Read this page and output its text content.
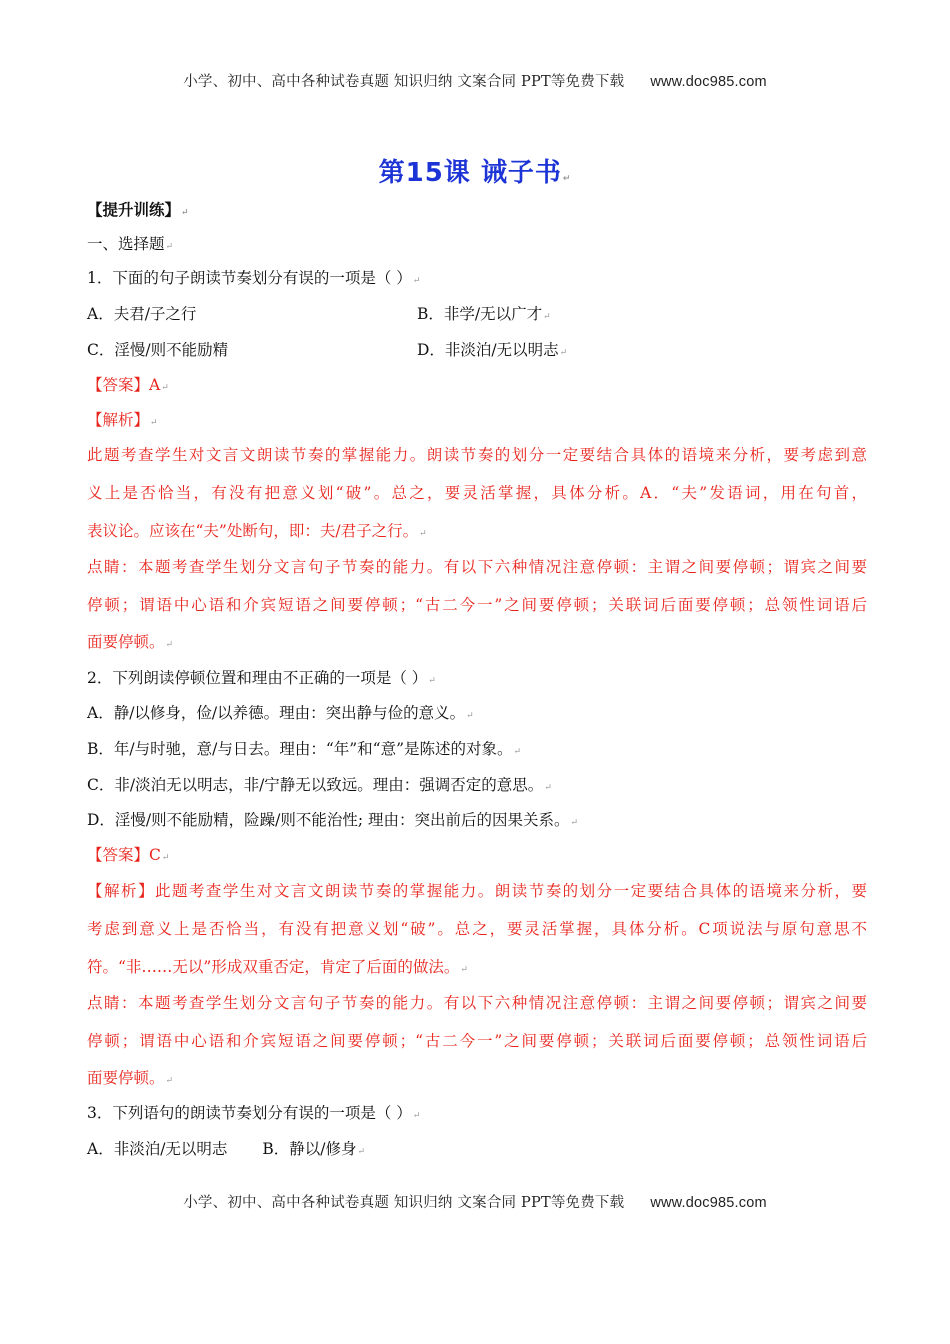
小学、初中、高中各种试卷真题 知识归纳 文案合同 PPT等免费下载 www.doc985.com
第15课 诫子书↵
【提升训练】↵
一、选择题↵
1．下面的句子朗读节奏划分有误的一项是（ ）↵
A．夫君/子之行	B．非学/无以广才↵
C．淫慢/则不能励精	D．非淡泊/无以明志↵
【答案】A↵
【解析】↵
此题考查学生对文言文朗读节奏的掌握能力。朗读节奏的划分一定要结合具体的语境来分析，要考虑到意
义上是否恰当，有没有把意义划“破”。总之，要灵活掌握，具体分析。A．“夫”发语词，用在句首，
表议论。应该在“夫”处断句，即：夫/君子之行。↵
点睛：本题考查学生划分文言句子节奏的能力。有以下六种情况注意停顿：主谓之间要停顿；谓宾之间要
停顿；谓语中心语和介宾短语之间要停顿；“古二今一”之间要停顿；关联词后面要停顿；总领性词语后
面要停顿。↵
2．下列朗读停顿位置和理由不正确的一项是（ ）↵
A．静/以修身，俭/以养德。理由：突出静与俭的意义。↵
B．年/与时驰，意/与日去。理由：“年”和“意”是陈述的对象。↵
C．非/淡泊无以明志，非/宁静无以致远。理由：强调否定的意思。↵
D．淫慢/则不能励精，险躁/则不能治性; 理由：突出前后的因果关系。↵
【答案】C↵
【解析】此题考查学生对文言文朗读节奏的掌握能力。朗读节奏的划分一定要结合具体的语境来分析，要
考虑到意义上是否恰当，有没有把意义划“破”。总之，要灵活掌握，具体分析。C项说法与原句意思不
符。“非……无以”形成双重否定，肯定了后面的做法。↵
点睛：本题考查学生划分文言句子节奏的能力。有以下六种情况注意停顿：主谓之间要停顿；谓宾之间要
停顿；谓语中心语和介宾短语之间要停顿；“古二今一”之间要停顿；关联词后面要停顿；总领性词语后
面要停顿。↵
3．下列语句的朗读节奏划分有误的一项是（ ）↵
A．非淡泊/无以明志 B．静以/修身↵
小学、初中、高中各种试卷真题 知识归纳 文案合同 PPT等免费下载 www.doc985.com
